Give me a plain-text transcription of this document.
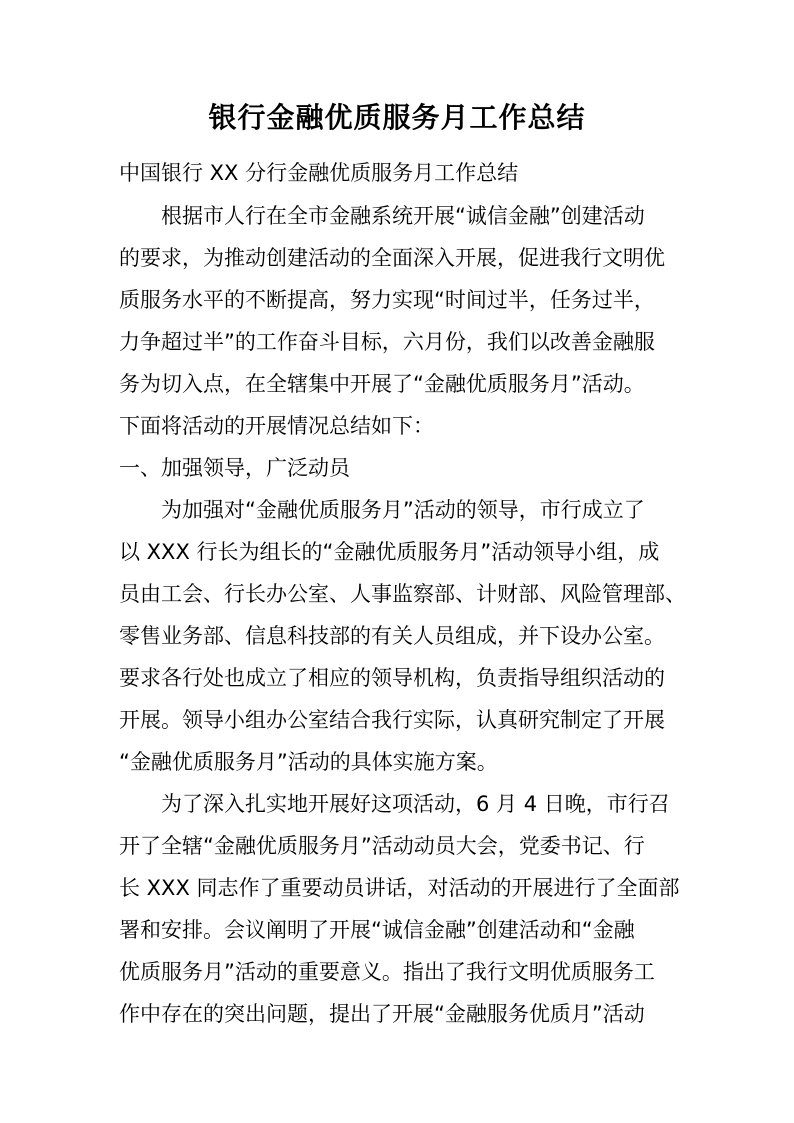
银行金融优质服务月工作总结
中国银行 XX 分行金融优质服务月工作总结
根据市人行在全市金融系统开展“诚信金融”创建活动
的要求，为推动创建活动的全面深入开展，促进我行文明优
质服务水平的不断提高，努力实现“时间过半，任务过半，
力争超过半”的工作奋斗目标，六月份，我们以改善金融服
务为切入点，在全辖集中开展了“金融优质服务月”活动。
下面将活动的开展情况总结如下：
一、加强领导，广泛动员
为加强对“金融优质服务月”活动的领导，市行成立了
以 XXX 行长为组长的“金融优质服务月”活动领导小组，成
员由工会、行长办公室、人事监察部、计财部、风险管理部、
零售业务部、信息科技部的有关人员组成，并下设办公室。
要求各行处也成立了相应的领导机构，负责指导组织活动的
开展。领导小组办公室结合我行实际，认真研究制定了开展
“金融优质服务月”活动的具体实施方案。
为了深入扎实地开展好这项活动，6 月 4 日晚，市行召
开了全辖“金融优质服务月”活动动员大会，党委书记、行
长 XXX 同志作了重要动员讲话，对活动的开展进行了全面部
署和安排。会议阐明了开展“诚信金融”创建活动和“金融
优质服务月”活动的重要意义。指出了我行文明优质服务工
作中存在的突出问题，提出了开展“金融服务优质月”活动
